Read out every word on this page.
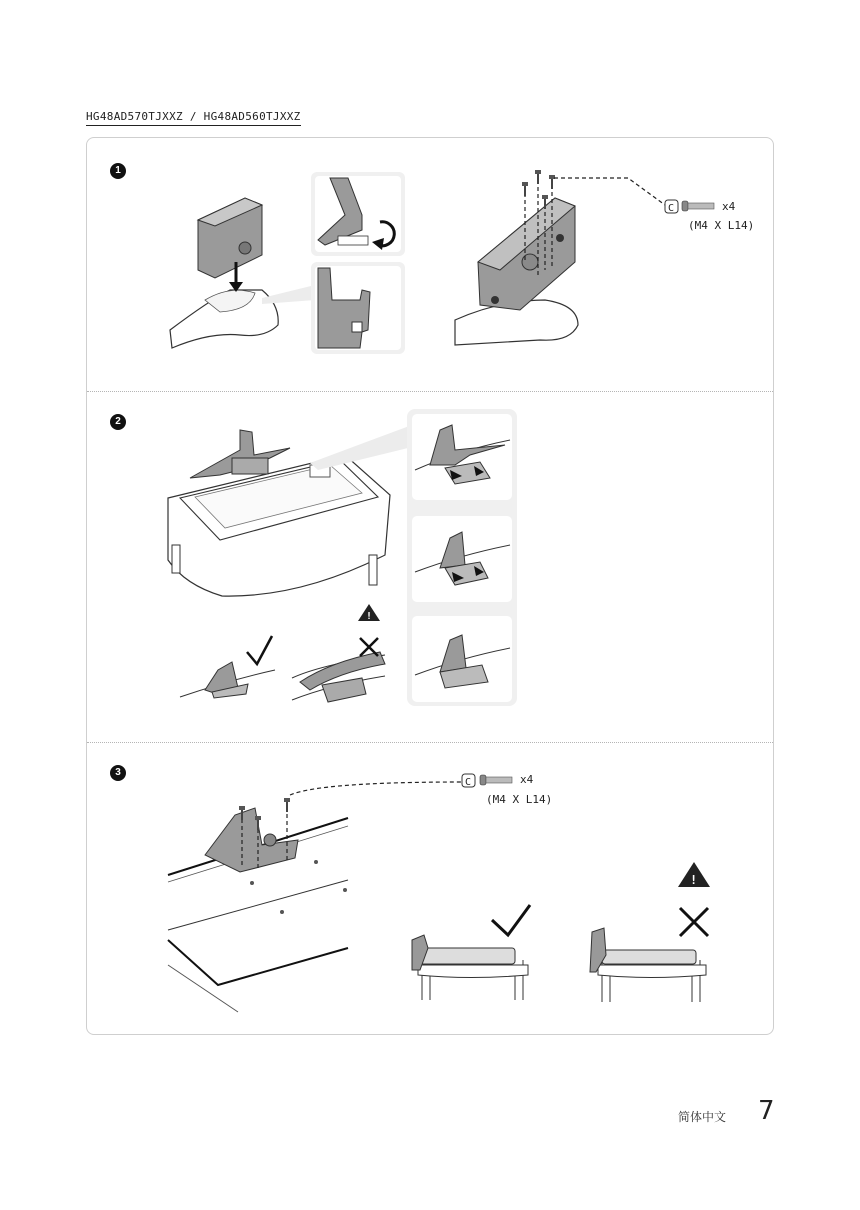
HG48AD570TJXXZ / HG48AD560TJXXZ
1
2
3
x4
(M4 X L14)
x4
(M4 X L14)
C
!
C
!
简体中文 7
